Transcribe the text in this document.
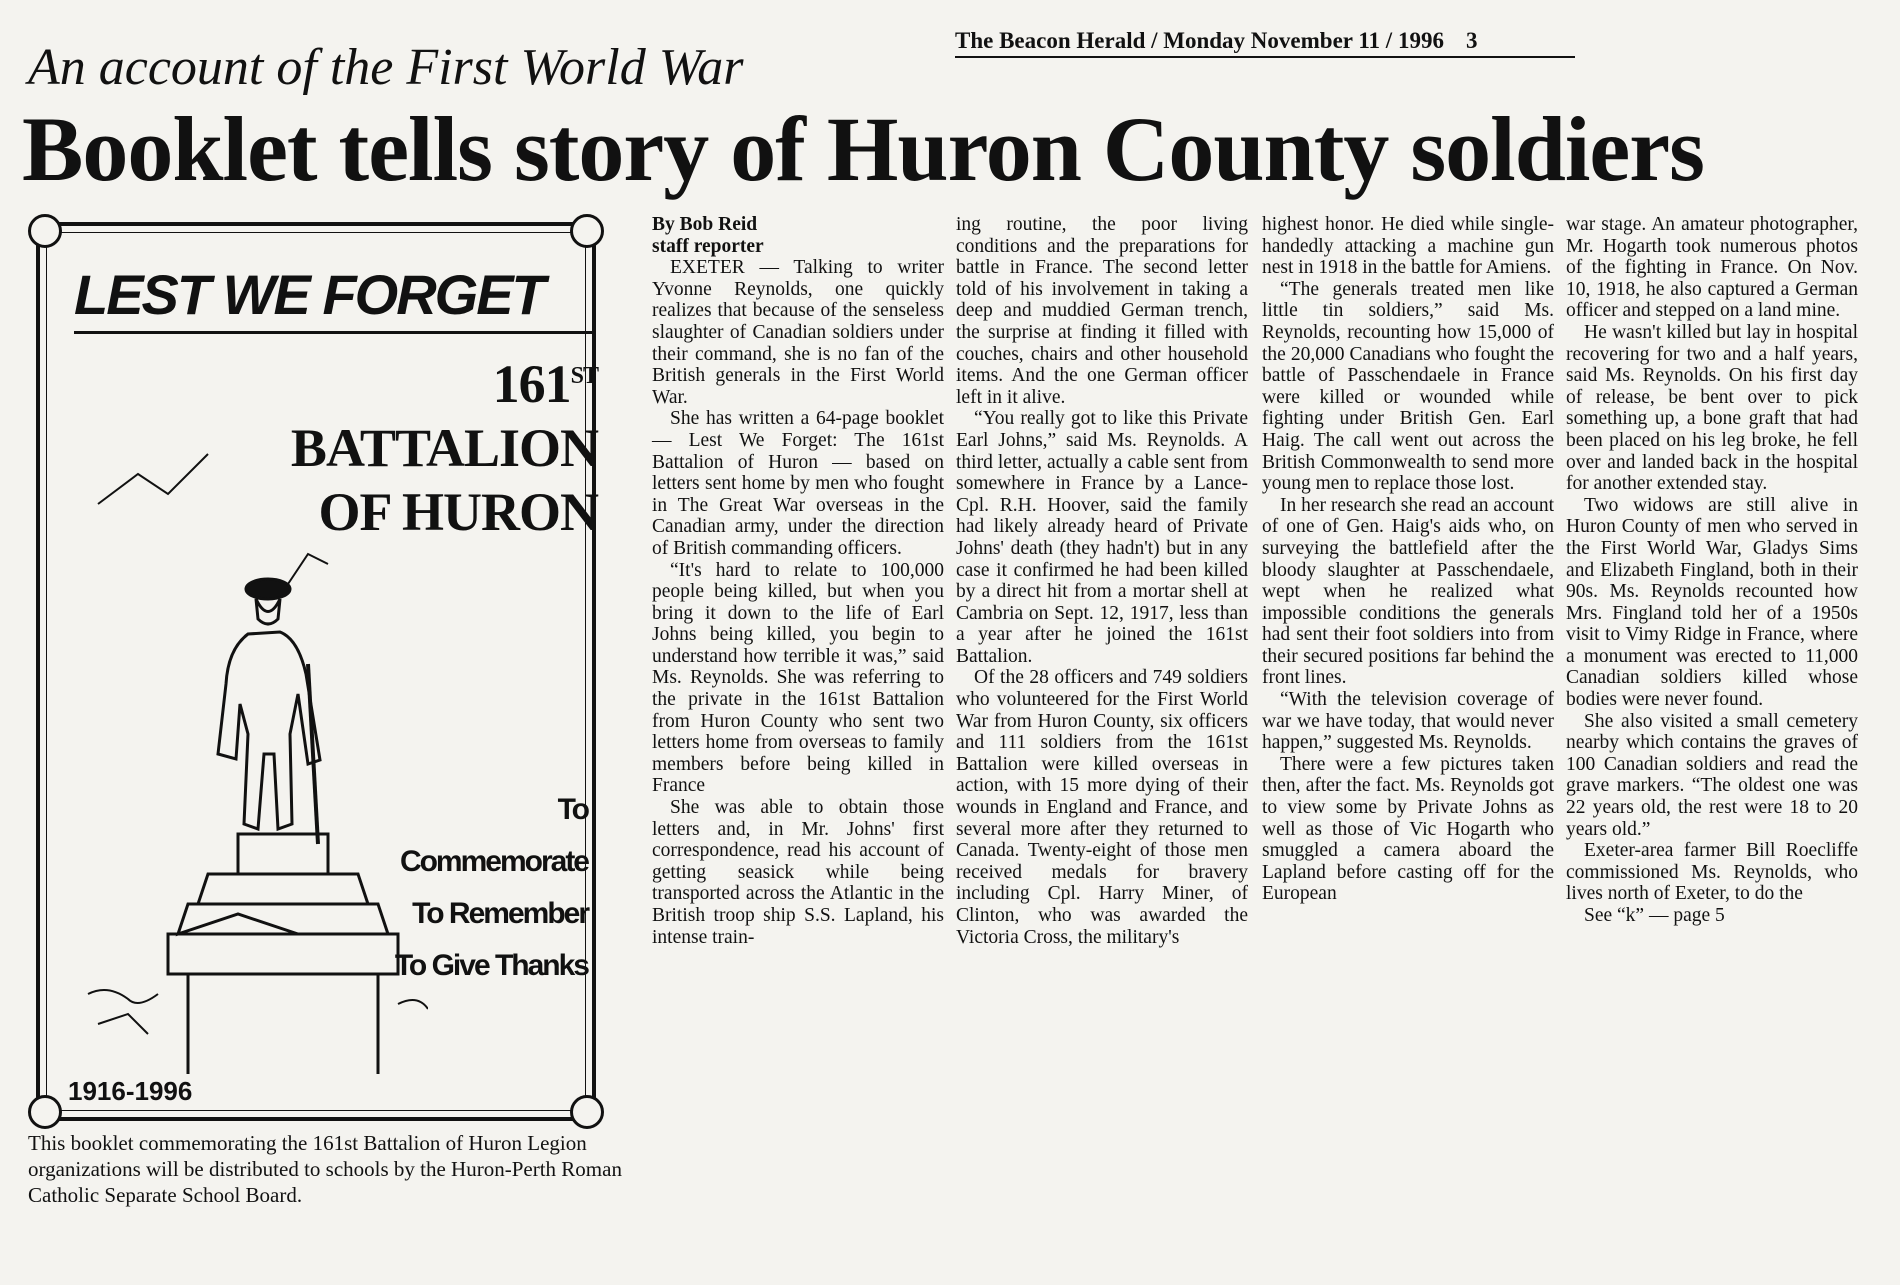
The Beacon Herald / Monday November 11 / 1996 3
An account of the First World War
Booklet tells story of Huron County soldiers
LEST WE FORGET
161ST BATTALION
OF HURON
To Commemorate
To Remember
To Give Thanks
1916-1996
This booklet commemorating the 161st Battalion of Huron Legion organizations will be distributed to schools by the Huron-Perth Roman Catholic Separate School Board.

By Bob Reid

staff reporter

EXETER — Talking to writer Yvonne Reynolds, one quickly realizes that because of the senseless slaughter of Canadian soldiers under their command, she is no fan of the British generals in the First World War.

She has written a 64-page booklet — Lest We Forget: The 161st Battalion of Huron — based on letters sent home by men who fought in The Great War overseas in the Canadian army, under the direction of British commanding officers.

“It's hard to relate to 100,000 people being killed, but when you bring it down to the life of Earl Johns being killed, you begin to understand how terrible it was,” said Ms. Reynolds. She was referring to the private in the 161st Battalion from Huron County who sent two letters home from overseas to family members before being killed in France

She was able to obtain those letters and, in Mr. Johns' first correspondence, read his account of getting seasick while being transported across the Atlantic in the British troop ship S.S. Lapland, his intense train-

ing routine, the poor living conditions and the preparations for battle in France. The second letter told of his involvement in taking a deep and muddied German trench, the surprise at finding it filled with couches, chairs and other household items. And the one German officer left in it alive.

“You really got to like this Private Earl Johns,” said Ms. Reynolds. A third letter, actually a cable sent from somewhere in France by a Lance-Cpl. R.H. Hoover, said the family had likely already heard of Private Johns' death (they hadn't) but in any case it confirmed he had been killed by a direct hit from a mortar shell at Cambria on Sept. 12, 1917, less than a year after he joined the 161st Battalion.

Of the 28 officers and 749 soldiers who volunteered for the First World War from Huron County, six officers and 111 soldiers from the 161st Battalion were killed overseas in action, with 15 more dying of their wounds in England and France, and several more after they returned to Canada. Twenty-eight of those men received medals for bravery including Cpl. Harry Miner, of Clinton, who was awarded the Victoria Cross, the military's

highest honor. He died while single-handedly attacking a machine gun nest in 1918 in the battle for Amiens.

“The generals treated men like little tin soldiers,” said Ms. Reynolds, recounting how 15,000 of the 20,000 Canadians who fought the battle of Passchendaele in France were killed or wounded while fighting under British Gen. Earl Haig. The call went out across the British Commonwealth to send more young men to replace those lost.

In her research she read an account of one of Gen. Haig's aids who, on surveying the battlefield after the bloody slaughter at Passchendaele, wept when he realized what impossible conditions the generals had sent their foot soldiers into from their secured positions far behind the front lines.

“With the television coverage of war we have today, that would never happen,” suggested Ms. Reynolds.

There were a few pictures taken then, after the fact. Ms. Reynolds got to view some by Private Johns as well as those of Vic Hogarth who smuggled a camera aboard the Lapland before casting off for the European

war stage. An amateur photographer, Mr. Hogarth took numerous photos of the fighting in France. On Nov. 10, 1918, he also captured a German officer and stepped on a land mine.

He wasn't killed but lay in hospital recovering for two and a half years, said Ms. Reynolds. On his first day of release, be bent over to pick something up, a bone graft that had been placed on his leg broke, he fell over and landed back in the hospital for another extended stay.

Two widows are still alive in Huron County of men who served in the First World War, Gladys Sims and Elizabeth Fingland, both in their 90s. Ms. Reynolds recounted how Mrs. Fingland told her of a 1950s visit to Vimy Ridge in France, where a monument was erected to 11,000 Canadian soldiers killed whose bodies were never found.

She also visited a small cemetery nearby which contains the graves of 100 Canadian soldiers and read the grave markers. “The oldest one was 22 years old, the rest were 18 to 20 years old.”

Exeter-area farmer Bill Roecliffe commissioned Ms. Reynolds, who lives north of Exeter, to do the

See “k” — page 5
